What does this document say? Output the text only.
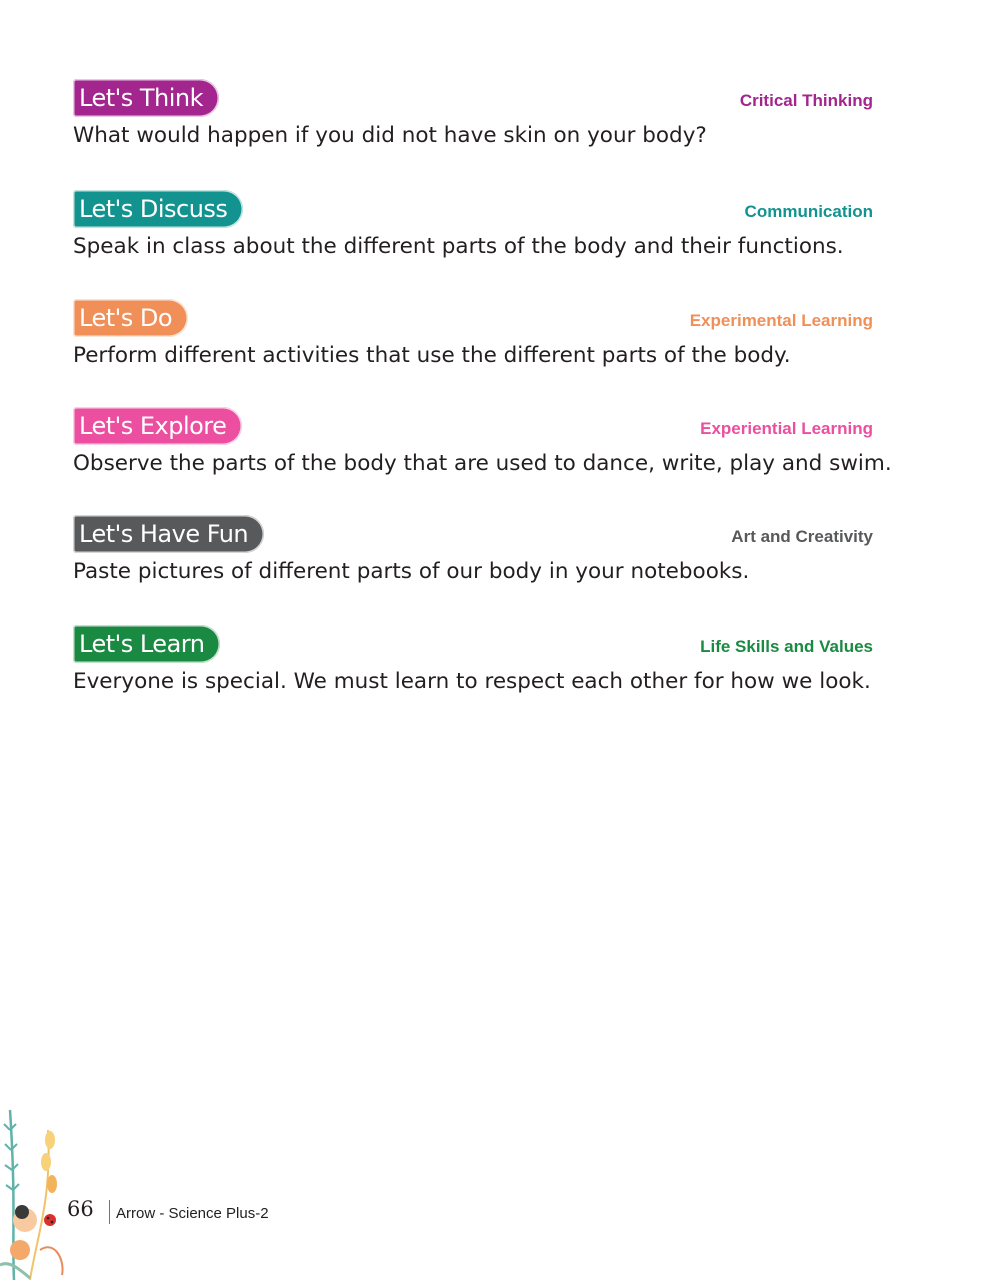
Let's Think	Critical Thinking

What would happen if you did not have skin on your body?

Let's Discuss	Communication

Speak in class about the different parts of the body and their functions.

Let's Do	Experimental Learning

Perform different activities that use the different parts of the body.

Let's Explore	Experiential Learning

Observe the parts of the body that are used to dance, write, play and swim.

Let's Have Fun	Art and Creativity

Paste pictures of different parts of our body in your notebooks.

Let's Learn	Life Skills and Values

Everyone is special. We must learn to respect each other for how we look.

66 Arrow - Science Plus-2
